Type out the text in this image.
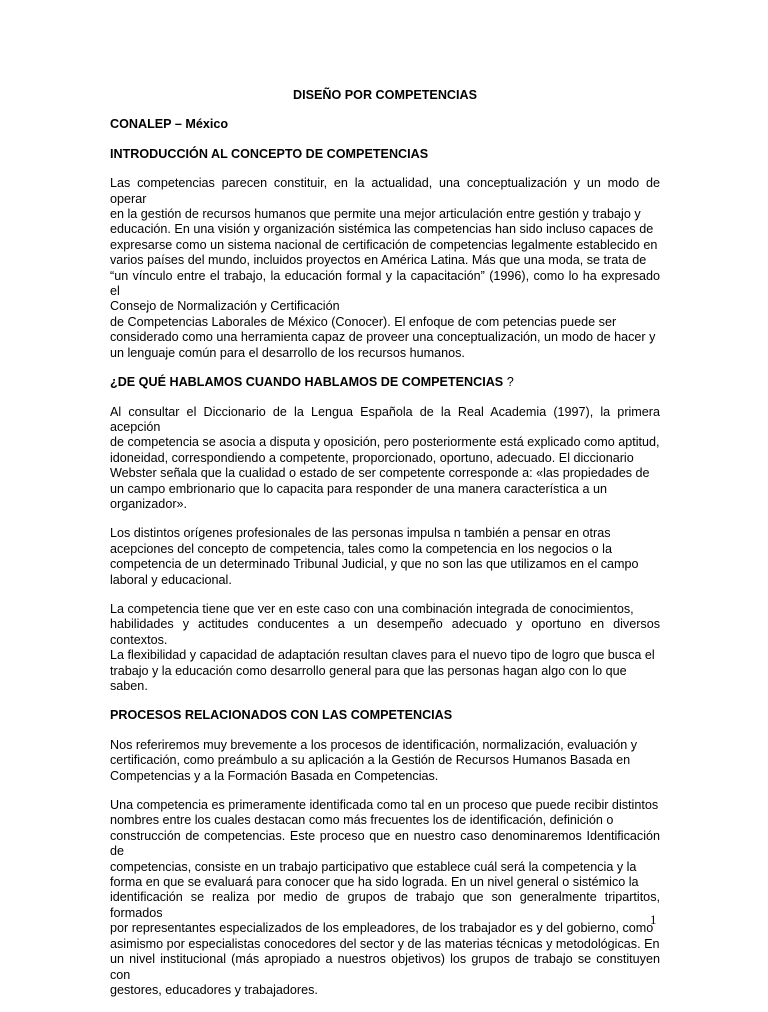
DISEÑO POR COMPETENCIAS
CONALEP – México
INTRODUCCIÓN AL CONCEPTO DE COMPETENCIAS
Las competencias parecen constituir, en la actualidad, una conceptualización y un modo de operar
en la gestión de recursos humanos que permite una mejor articulación entre gestión y trabajo y
educación. En una visión y organización sistémica las competencias han sido incluso capaces de
expresarse como un sistema nacional de certificación de competencias legalmente establecido en
varios países del mundo, incluidos proyectos en América Latina. Más que una moda, se trata de
“un vínculo entre el trabajo, la educación formal y la capacitación” (1996), como lo ha expresado el
Consejo de Normalización y Certificación
de Competencias Laborales de México (Conocer). El enfoque de com petencias puede ser
considerado como una herramienta capaz de proveer una conceptualización, un modo de hacer y
un lenguaje común para el desarrollo de los recursos humanos.
¿DE QUÉ HABLAMOS CUANDO HABLAMOS DE COMPETENCIAS ?
Al consultar el Diccionario de la Lengua Española de la Real Academia (1997), la primera acepción
de competencia se asocia a disputa y oposición, pero posteriormente está explicado como aptitud,
idoneidad, correspondiendo a competente, proporcionado, oportuno, adecuado. El diccionario
Webster señala que la cualidad o estado de ser competente corresponde a: «las propiedades de
un campo embrionario que lo capacita para responder de una manera característica a un
organizador».
Los distintos orígenes profesionales de las personas impulsa n también a pensar en otras
acepciones del concepto de competencia, tales como la competencia en los negocios o la
competencia de un determinado Tribunal Judicial, y que no son las que utilizamos en el campo
laboral y educacional.
La competencia tiene que ver en este caso con una combinación integrada de conocimientos,
habilidades y actitudes conducentes a un desempeño adecuado y oportuno en diversos contextos.
La flexibilidad y capacidad de adaptación resultan claves para el nuevo tipo de logro que busca el
trabajo y la educación como desarrollo general para que las personas hagan algo con lo que
saben.
PROCESOS RELACIONADOS CON LAS COMPETENCIAS
Nos referiremos muy brevemente a los procesos de identificación, normalización, evaluación y
certificación, como preámbulo a su aplicación a la Gestión de Recursos Humanos Basada en
Competencias y a la Formación Basada en Competencias.
Una competencia es primeramente identificada como tal en un proceso que puede recibir distintos
nombres entre los cuales destacan como más frecuentes los de identificación, definición o
construcción de competencias. Este proceso que en nuestro caso denominaremos Identificación de
competencias, consiste en un trabajo participativo que establece cuál será la competencia y la
forma en que se evaluará para conocer que ha sido lograda. En un nivel general o sistémico la
identificación se realiza por medio de grupos de trabajo que son generalmente tripartitos, formados
por representantes especializados de los empleadores, de los trabajador es y del gobierno, como
asimismo por especialistas conocedores del sector y de las materias técnicas y metodológicas. En
un nivel institucional (más apropiado a nuestros objetivos) los grupos de trabajo se constituyen con
gestores, educadores y trabajadores.
1
